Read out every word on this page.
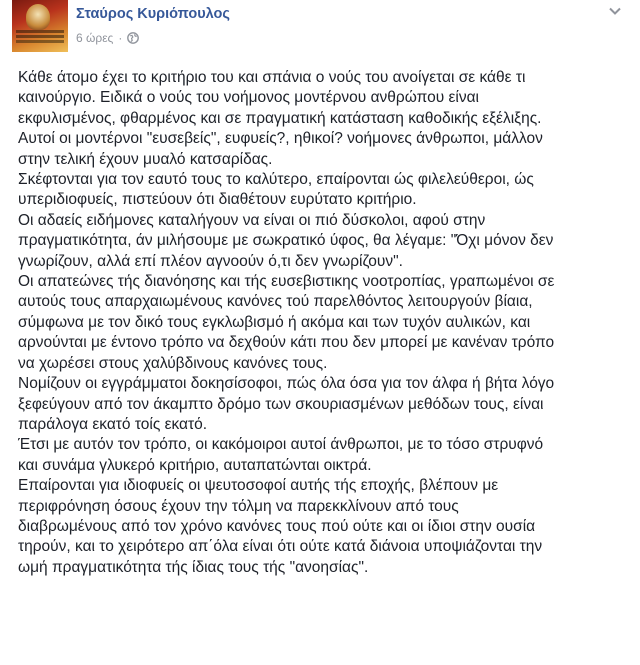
Σταύρος Κυριόπουλος
6 ώρες ·

Κάθε άτομο έχει το κριτήριο του και σπάνια ο νούς του ανοίγεται σε κάθε τι
καινούργιο. Ειδικά ο νούς του νοήμονος μοντέρνου ανθρώπου είναι
εκφυλισμένος, φθαρμένος και σε πραγματική κατάσταση καθοδικής εξέλιξης.
Αυτοί οι μοντέρνοι "ευσεβείς", ευφυείς?, ηθικοί? νοήμονες άνθρωποι, μάλλον
στην τελική έχουν μυαλό κατσαρίδας.

Σκέφτονται για τον εαυτό τους το καλύτερο, επαίρονται ώς φιλελεύθεροι, ώς
υπεριδιοφυείς, πιστεύουν ότι διαθέτουν ευρύτατο κριτήριο.

Οι αδαείς ειδήμονες καταλήγουν να είναι οι πιό δύσκολοι, αφού στην
πραγματικότητα, άν μιλήσουμε με σωκρατικό ύφος, θα λέγαμε: "Όχι μόνον δεν
γνωρίζουν, αλλά επί πλέον αγνοούν ό,τι δεν γνωρίζουν".

Οι απατεώνες τής διανόησης και τής ευσεβιστικης νοοτροπίας, γραπωμένοι σε
αυτούς τους απαρχαιωμένους κανόνες τού παρελθόντος λειτουργούν βίαια,
σύμφωνα με τον δικό τους εγκλωβισμό ή ακόμα και των τυχόν αυλικών, και
αρνούνται με έντονο τρόπο να δεχθούν κάτι που δεν μπορεί με κανέναν τρόπο
να χωρέσει στους χαλύβδινους κανόνες τους.

Νομίζουν οι εγγράμματοι δοκησίσοφοι, πώς όλα όσα για τον άλφα ή βήτα λόγο
ξεφεύγουν από τον άκαμπτο δρόμο των σκουριασμένων μεθόδων τους, είναι
παράλογα εκατό τοίς εκατό.

Έτσι με αυτόν τον τρόπο, οι κακόμοιροι αυτοί άνθρωποι, με το τόσο στρυφνό
και συνάμα γλυκερό κριτήριο, αυταπατώνται οικτρά.

Επαίρονται για ιδιοφυείς οι ψευτοσοφοί αυτής τής εποχής, βλέπουν με
περιφρόνηση όσους έχουν την τόλμη να παρεκκλίνουν από τους
διαβρωμένους από τον χρόνο κανόνες τους πού ούτε και οι ίδιοι στην ουσία
τηρούν, και το χειρότερο απ΄όλα είναι ότι ούτε κατά διάνοια υποψιάζονται την
ωμή πραγματικότητα τής ίδιας τους τής "ανοησίας".
